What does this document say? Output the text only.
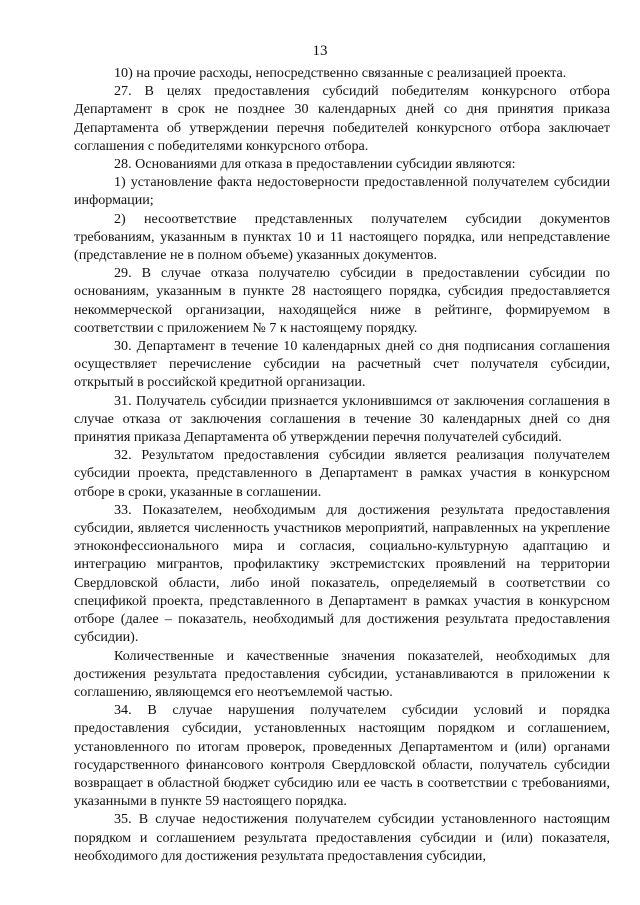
13

10) на прочие расходы, непосредственно связанные с реализацией проекта.

27. В целях предоставления субсидий победителям конкурсного отбора Департамент в срок не позднее 30 календарных дней со дня принятия приказа Департамента об утверждении перечня победителей конкурсного отбора заключает соглашения с победителями конкурсного отбора.

28. Основаниями для отказа в предоставлении субсидии являются:

1) установление факта недостоверности предоставленной получателем субсидии информации;

2) несоответствие представленных получателем субсидии документов требованиям, указанным в пунктах 10 и 11 настоящего порядка, или непредставление (представление не в полном объеме) указанных документов.

29. В случае отказа получателю субсидии в предоставлении субсидии по основаниям, указанным в пункте 28 настоящего порядка, субсидия предоставляется некоммерческой организации, находящейся ниже в рейтинге, формируемом в соответствии с приложением № 7 к настоящему порядку.

30. Департамент в течение 10 календарных дней со дня подписания соглашения осуществляет перечисление субсидии на расчетный счет получателя субсидии, открытый в российской кредитной организации.

31. Получатель субсидии признается уклонившимся от заключения соглашения в случае отказа от заключения соглашения в течение 30 календарных дней со дня принятия приказа Департамента об утверждении перечня получателей субсидий.

32. Результатом предоставления субсидии является реализация получателем субсидии проекта, представленного в Департамент в рамках участия в конкурсном отборе в сроки, указанные в соглашении.

33. Показателем, необходимым для достижения результата предоставления субсидии, является численность участников мероприятий, направленных на укрепление этноконфессионального мира и согласия, социально-культурную адаптацию и интеграцию мигрантов, профилактику экстремистских проявлений на территории Свердловской области, либо иной показатель, определяемый в соответствии со спецификой проекта, представленного в Департамент в рамках участия в конкурсном отборе (далее – показатель, необходимый для достижения результата предоставления субсидии).

Количественные и качественные значения показателей, необходимых для достижения результата предоставления субсидии, устанавливаются в приложении к соглашению, являющемся его неотъемлемой частью.

34. В случае нарушения получателем субсидии условий и порядка предоставления субсидии, установленных настоящим порядком и соглашением, установленного по итогам проверок, проведенных Департаментом и (или) органами государственного финансового контроля Свердловской области, получатель субсидии возвращает в областной бюджет субсидию или ее часть в соответствии с требованиями, указанными в пункте 59 настоящего порядка.

35. В случае недостижения получателем субсидии установленного настоящим порядком и соглашением результата предоставления субсидии и (или) показателя, необходимого для достижения результата предоставления субсидии,
